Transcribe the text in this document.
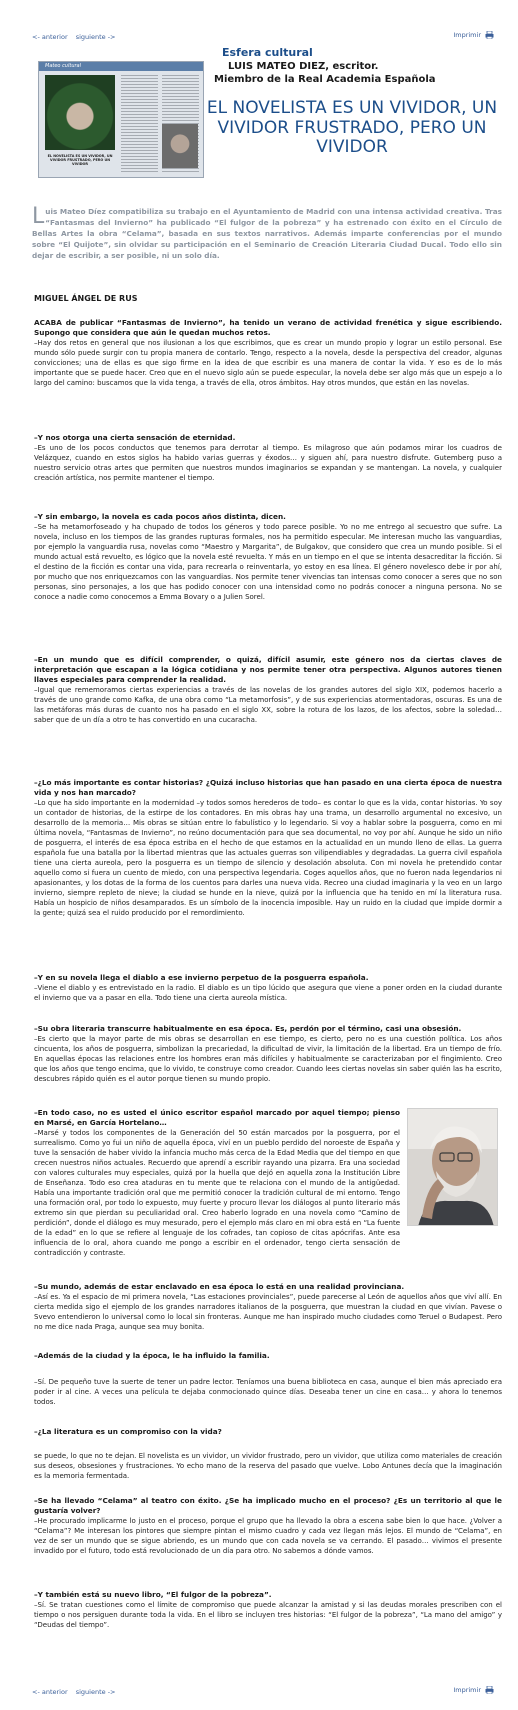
<- anterior siguiente ->	Imprimir
Esfera cultural
Mateo cultural
EL NOVELISTA ES UN VIVIDOR, UN VIVIDOR FRUSTRADO, PERO UN VIVIDOR
LUIS MATEO DIEZ, escritor.
Miembro de la Real Academia Española
EL NOVELISTA ES UN VIVIDOR, UN VIVIDOR FRUSTRADO, PERO UN VIVIDOR
Luis Mateo Díez compatibiliza su trabajo en el Ayuntamiento de Madrid con una intensa actividad creativa. Tras “Fantasmas del Invierno” ha publicado “El fulgor de la pobreza” y ha estrenado con éxito en el Círculo de Bellas Artes la obra “Celama”, basada en sus textos narrativos. Además imparte conferencias por el mundo sobre “El Quijote”, sin olvidar su participación en el Seminario de Creación Literaria Ciudad Ducal. Todo ello sin dejar de escribir, a ser posible, ni un solo día.
MIGUEL ÁNGEL DE RUS
ACABA de publicar “Fantasmas de Invierno”, ha tenido un verano de actividad frenética y sigue escribiendo. Supongo que considera que aún le quedan muchos retos.
–Hay dos retos en general que nos ilusionan a los que escribimos, que es crear un mundo propio y lograr un estilo personal. Ese mundo sólo puede surgir con tu propia manera de contarlo. Tengo, respecto a la novela, desde la perspectiva del creador, algunas convicciones; una de ellas es que sigo firme en la idea de que escribir es una manera de contar la vida. Y eso es de lo más importante que se puede hacer. Creo que en el nuevo siglo aún se puede especular, la novela debe ser algo más que un espejo a lo largo del camino: buscamos que la vida tenga, a través de ella, otros ámbitos. Hay otros mundos, que están en las novelas.
–Y nos otorga una cierta sensación de eternidad.
–Es uno de los pocos conductos que tenemos para derrotar al tiempo. Es milagroso que aún podamos mirar los cuadros de Velázquez, cuando en estos siglos ha habido varias guerras y éxodos… y siguen ahí, para nuestro disfrute. Gutemberg puso a nuestro servicio otras artes que permiten que nuestros mundos imaginarios se expandan y se mantengan. La novela, y cualquier creación artística, nos permite mantener el tiempo.
–Y sin embargo, la novela es cada pocos años distinta, dicen.
–Se ha metamorfoseado y ha chupado de todos los géneros y todo parece posible. Yo no me entrego al secuestro que sufre. La novela, incluso en los tiempos de las grandes rupturas formales, nos ha permitido especular. Me interesan mucho las vanguardias, por ejemplo la vanguardia rusa, novelas como “Maestro y Margarita”, de Bulgakov, que considero que crea un mundo posible. Si el mundo actual está revuelto, es lógico que la novela esté revuelta. Y más en un tiempo en el que se intenta desacreditar la ficción. Si el destino de la ficción es contar una vida, para recrearla o reinventarla, yo estoy en esa línea. El género novelesco debe ir por ahí, por mucho que nos enriquezcamos con las vanguardias. Nos permite tener vivencias tan intensas como conocer a seres que no son personas, sino personajes, a los que has podido conocer con una intensidad como no podrás conocer a ninguna persona. No se conoce a nadie como conocemos a Emma Bovary o a Julien Sorel.
–En un mundo que es difícil comprender, o quizá, difícil asumir, este género nos da ciertas claves de interpretación que escapan a la lógica cotidiana y nos permite tener otra perspectiva. Algunos autores tienen llaves especiales para comprender la realidad.
–Igual que rememoramos ciertas experiencias a través de las novelas de los grandes autores del siglo XIX, podemos hacerlo a través de uno grande como Kafka, de una obra como “La metamorfosis”, y de sus experiencias atormentadoras, oscuras. Es una de las metáforas más duras de cuanto nos ha pasado en el siglo XX, sobre la rotura de los lazos, de los afectos, sobre la soledad… saber que de un día a otro te has convertido en una cucaracha.
–¿Lo más importante es contar historias? ¿Quizá incluso historias que han pasado en una cierta época de nuestra vida y nos han marcado?
–Lo que ha sido importante en la modernidad –y todos somos herederos de todo– es contar lo que es la vida, contar historias. Yo soy un contador de historias, de la estirpe de los contadores. En mis obras hay una trama, un desarrollo argumental no excesivo, un desarrollo de la memoria… Mis obras se sitúan entre lo fabulístico y lo legendario. Si voy a hablar sobre la posguerra, como en mi última novela, “Fantasmas de Invierno”, no reúno documentación para que sea documental, no voy por ahí. Aunque he sido un niño de posguerra, el interés de esa época estriba en el hecho de que estamos en la actualidad en un mundo lleno de ellas. La guerra española fue una batalla por la libertad mientras que las actuales guerras son vilipendiables y degradadas. La guerra civil española tiene una cierta aureola, pero la posguerra es un tiempo de silencio y desolación absoluta. Con mi novela he pretendido contar aquello como si fuera un cuento de miedo, con una perspectiva legendaria. Coges aquellos años, que no fueron nada legendarios ni apasionantes, y los dotas de la forma de los cuentos para darles una nueva vida. Recreo una ciudad imaginaria y la veo en un largo invierno, siempre repleto de nieve; la ciudad se hunde en la nieve, quizá por la influencia que ha tenido en mí la literatura rusa. Había un hospicio de niños desamparados. Es un símbolo de la inocencia imposible. Hay un ruido en la ciudad que impide dormir a la gente; quizá sea el ruido producido por el remordimiento.
–Y en su novela llega el diablo a ese invierno perpetuo de la posguerra española.
–Viene el diablo y es entrevistado en la radio. El diablo es un tipo lúcido que asegura que viene a poner orden en la ciudad durante el invierno que va a pasar en ella. Todo tiene una cierta aureola mística.
–Su obra literaria transcurre habitualmente en esa época. Es, perdón por el término, casi una obsesión.
–Es cierto que la mayor parte de mis obras se desarrollan en ese tiempo, es cierto, pero no es una cuestión política. Los años cincuenta, los años de posguerra, simbolizan la precariedad, la dificultad de vivir, la limitación de la libertad. Era un tiempo de frío. En aquellas épocas las relaciones entre los hombres eran más difíciles y habitualmente se caracterizaban por el fingimiento. Creo que los años que tengo encima, que lo vivido, te construye como creador. Cuando lees ciertas novelas sin saber quién las ha escrito, descubres rápido quién es el autor porque tienen su mundo propio.
–En todo caso, no es usted el único escritor español marcado por aquel tiempo; pienso en Marsé, en García Hortelano…
–Marsé y todos los componentes de la Generación del 50 están marcados por la posguerra, por el surrealismo. Como yo fui un niño de aquella época, viví en un pueblo perdido del noroeste de España y tuve la sensación de haber vivido la infancia mucho más cerca de la Edad Media que del tiempo en que crecen nuestros niños actuales. Recuerdo que aprendí a escribir rayando una pizarra. Era una sociedad con valores culturales muy especiales, quizá por la huella que dejó en aquella zona la Institución Libre de Enseñanza. Todo eso crea ataduras en tu mente que te relaciona con el mundo de la antigüedad. Había una importante tradición oral que me permitió conocer la tradición cultural de mi entorno. Tengo una formación oral, por todo lo expuesto, muy fuerte y procuro llevar los diálogos al punto literario más extremo sin que pierdan su peculiaridad oral. Creo haberlo logrado en una novela como “Camino de perdición”, donde el diálogo es muy mesurado, pero el ejemplo más claro en mi obra está en “La fuente de la edad” en lo que se refiere al lenguaje de los cofrades, tan copioso de citas apócrifas. Ante esa influencia de lo oral, ahora cuando me pongo a escribir en el ordenador, tengo cierta sensación de contradicción y contraste.
–Su mundo, además de estar enclavado en esa época lo está en una realidad provinciana.
–Así es. Ya el espacio de mi primera novela, “Las estaciones provinciales”, puede parecerse al León de aquellos años que viví allí. En cierta medida sigo el ejemplo de los grandes narradores italianos de la posguerra, que muestran la ciudad en que vivían. Pavese o Svevo entendieron lo universal como lo local sin fronteras. Aunque me han inspirado mucho ciudades como Teruel o Budapest. Pero no me dice nada Praga, aunque sea muy bonita.
–Además de la ciudad y la época, le ha influido la familia.
–Sí. De pequeño tuve la suerte de tener un padre lector. Teníamos una buena biblioteca en casa, aunque el bien más apreciado era poder ir al cine. A veces una película te dejaba conmocionado quince días. Deseaba tener un cine en casa… y ahora lo tenemos todos.
–¿La literatura es un compromiso con la vida?
se puede, lo que no te dejan. El novelista es un vividor, un vividor frustrado, pero un vividor, que utiliza como materiales de creación sus deseos, obsesiones y frustraciones. Yo echo mano de la reserva del pasado que vuelve. Lobo Antunes decía que la imaginación es la memoria fermentada.
–Se ha llevado “Celama” al teatro con éxito. ¿Se ha implicado mucho en el proceso? ¿Es un territorio al que le gustaría volver?
–He procurado implicarme lo justo en el proceso, porque el grupo que ha llevado la obra a escena sabe bien lo que hace. ¿Volver a “Celama”? Me interesan los pintores que siempre pintan el mismo cuadro y cada vez llegan más lejos. El mundo de “Celama”, en vez de ser un mundo que se sigue abriendo, es un mundo que con cada novela se va cerrando. El pasado… vivimos el presente invadido por el futuro, todo está revolucionado de un día para otro. No sabemos a dónde vamos.
–Y también está su nuevo libro, “El fulgor de la pobreza”.
–Sí. Se tratan cuestiones como el límite de compromiso que puede alcanzar la amistad y si las deudas morales prescriben con el tiempo o nos persiguen durante toda la vida. En el libro se incluyen tres historias: “El fulgor de la pobreza”, “La mano del amigo” y “Deudas del tiempo”.
<- anterior siguiente ->	Imprimir
